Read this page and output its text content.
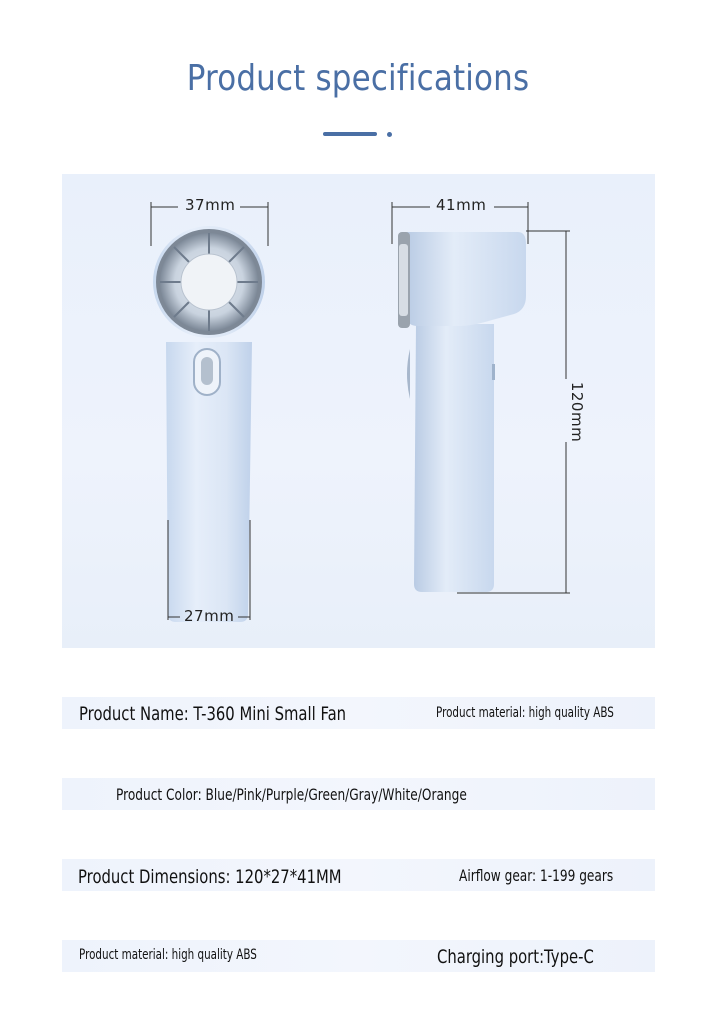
Product specifications
37mm	41mm
120mm
27mm
Product Name: T-360 Mini Small Fan	Product material: high quality ABS
Product Color: Blue/Pink/Purple/Green/Gray/White/Orange
Product Dimensions: 120*27*41MM	Airflow gear: 1-199 gears
Product material: high quality ABS	Charging port:Type-C
